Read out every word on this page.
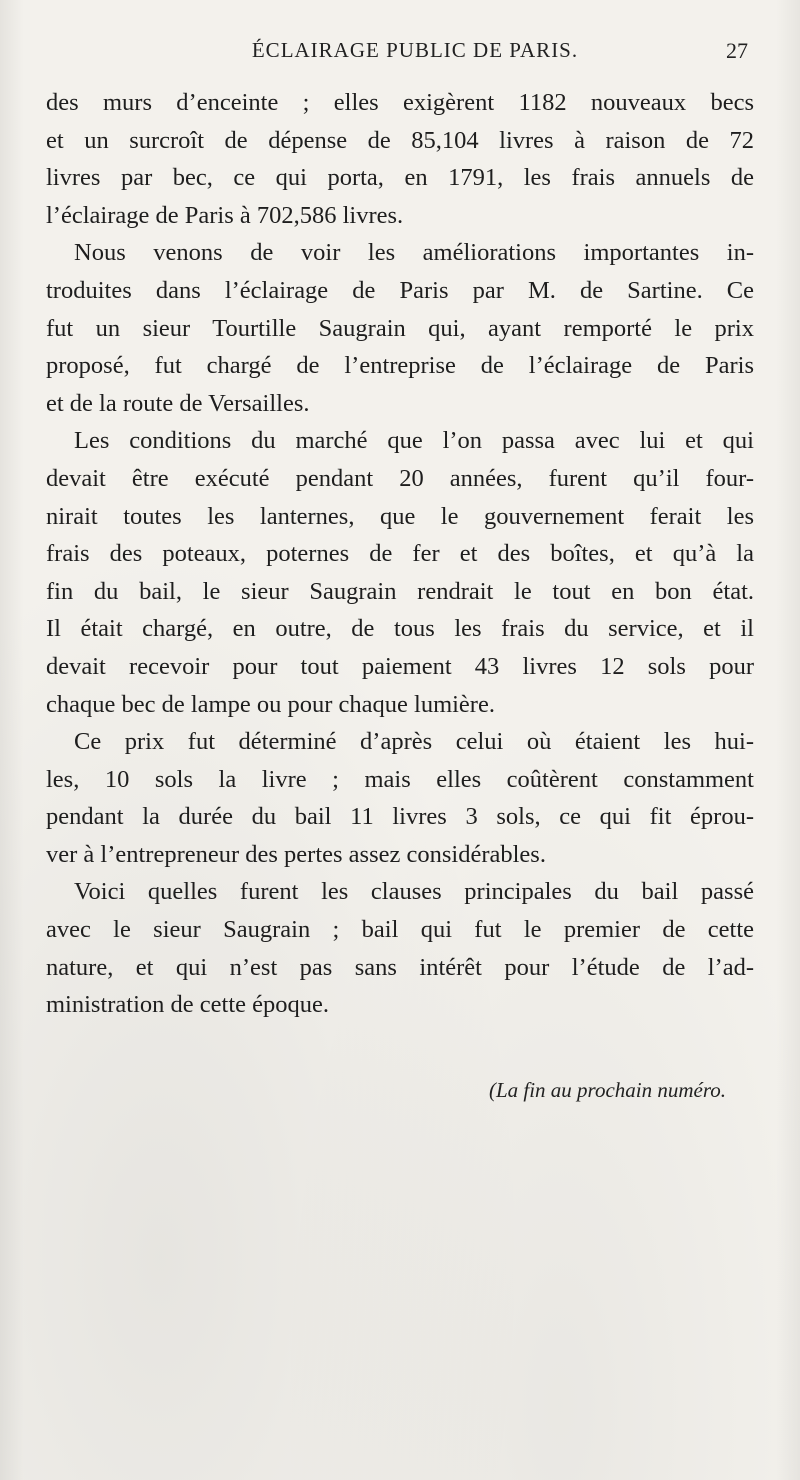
ÉCLAIRAGE PUBLIC DE PARIS.	27
des murs d’enceinte ; elles exigèrent 1182 nouveaux becs
et un surcroît de dépense de 85,104 livres à raison de 72
livres par bec, ce qui porta, en 1791, les frais annuels de
l’éclairage de Paris à 702,586 livres.
Nous venons de voir les améliorations importantes in-
troduites dans l’éclairage de Paris par M. de Sartine. Ce
fut un sieur Tourtille Saugrain qui, ayant remporté le prix
proposé, fut chargé de l’entreprise de l’éclairage de Paris
et de la route de Versailles.
Les conditions du marché que l’on passa avec lui et qui
devait être exécuté pendant 20 années, furent qu’il four-
nirait toutes les lanternes, que le gouvernement ferait les
frais des poteaux, poternes de fer et des boîtes, et qu’à la
fin du bail, le sieur Saugrain rendrait le tout en bon état.
Il était chargé, en outre, de tous les frais du service, et il
devait recevoir pour tout paiement 43 livres 12 sols pour
chaque bec de lampe ou pour chaque lumière.
Ce prix fut déterminé d’après celui où étaient les hui-
les, 10 sols la livre ; mais elles coûtèrent constamment
pendant la durée du bail 11 livres 3 sols, ce qui fit éprou-
ver à l’entrepreneur des pertes assez considérables.
Voici quelles furent les clauses principales du bail passé
avec le sieur Saugrain ; bail qui fut le premier de cette
nature, et qui n’est pas sans intérêt pour l’étude de l’ad-
ministration de cette époque.
(La fin au prochain numéro.
